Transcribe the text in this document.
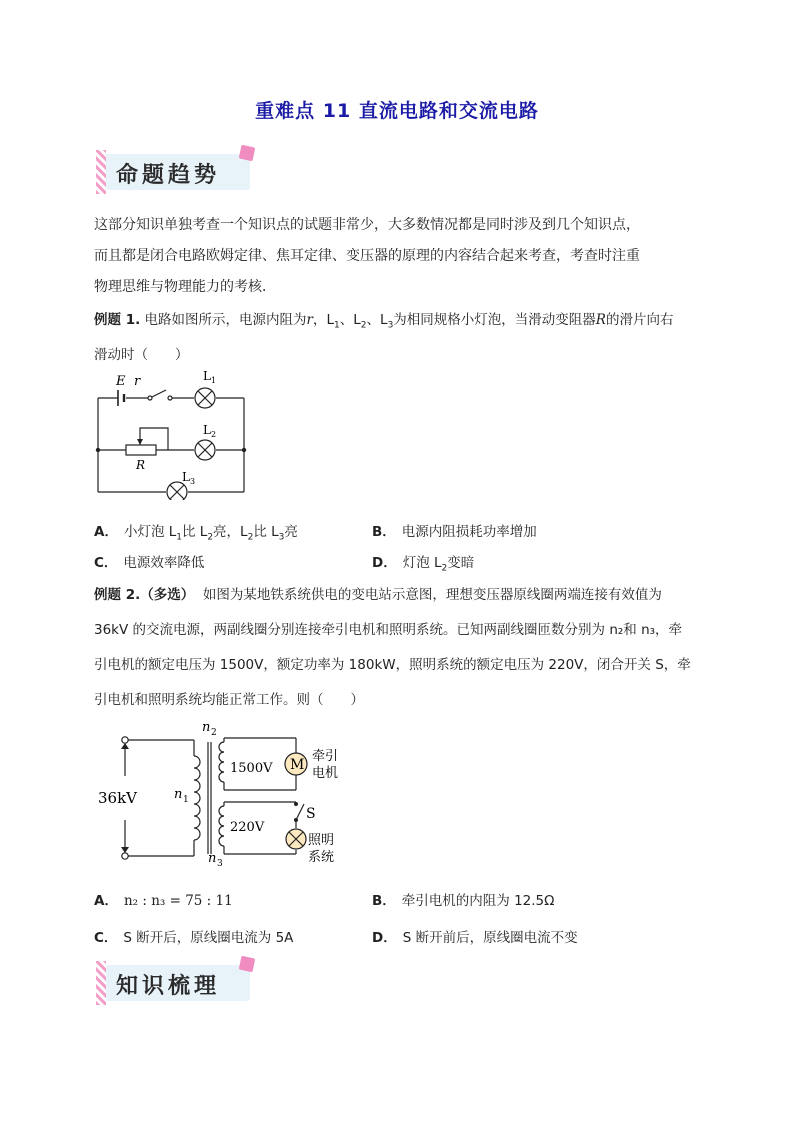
重难点 11 直流电路和交流电路
命题趋势
这部分知识单独考查一个知识点的试题非常少，大多数情况都是同时涉及到几个知识点，
而且都是闭合电路欧姆定律、焦耳定律、变压器的原理的内容结合起来考查，考查时注重
物理思维与物理能力的考核．
例题 1. 电路如图所示，电源内阻为r，$L_1$、$L_2$、$L_3$为相同规格小灯泡，当滑动变阻器R的滑片向右
滑动时（　　）
E r	L 1
L 2
R
L 3
A． 小灯泡 $L_1$比 $L_2$亮，$L_2$比 $L_3$亮	B． 电源内阻损耗功率增加
C． 电源效率降低	D． 灯泡 $L_2$变暗
例题 2.（多选） 如图为某地铁系统供电的变电站示意图，理想变压器原线圈两端连接有效值为
36kV 的交流电源，两副线圈分别连接牵引电机和照明系统。已知两副线圈匝数分别为 n₂和 n₃，牵
引电机的额定电压为 1500V，额定功率为 180kW，照明系统的额定电压为 220V，闭合开关 S，牵
引电机和照明系统均能正常工作。则（　　）
n 2
n 1
n 3
36kV
1500V
220V
M
牵引
电机
S
照明
系统
A． n₂ : n₃ = 75 : 11	B． 牵引电机的内阻为 12.5Ω
C． S 断开后，原线圈电流为 5A	D． S 断开前后，原线圈电流不变
知识梳理
